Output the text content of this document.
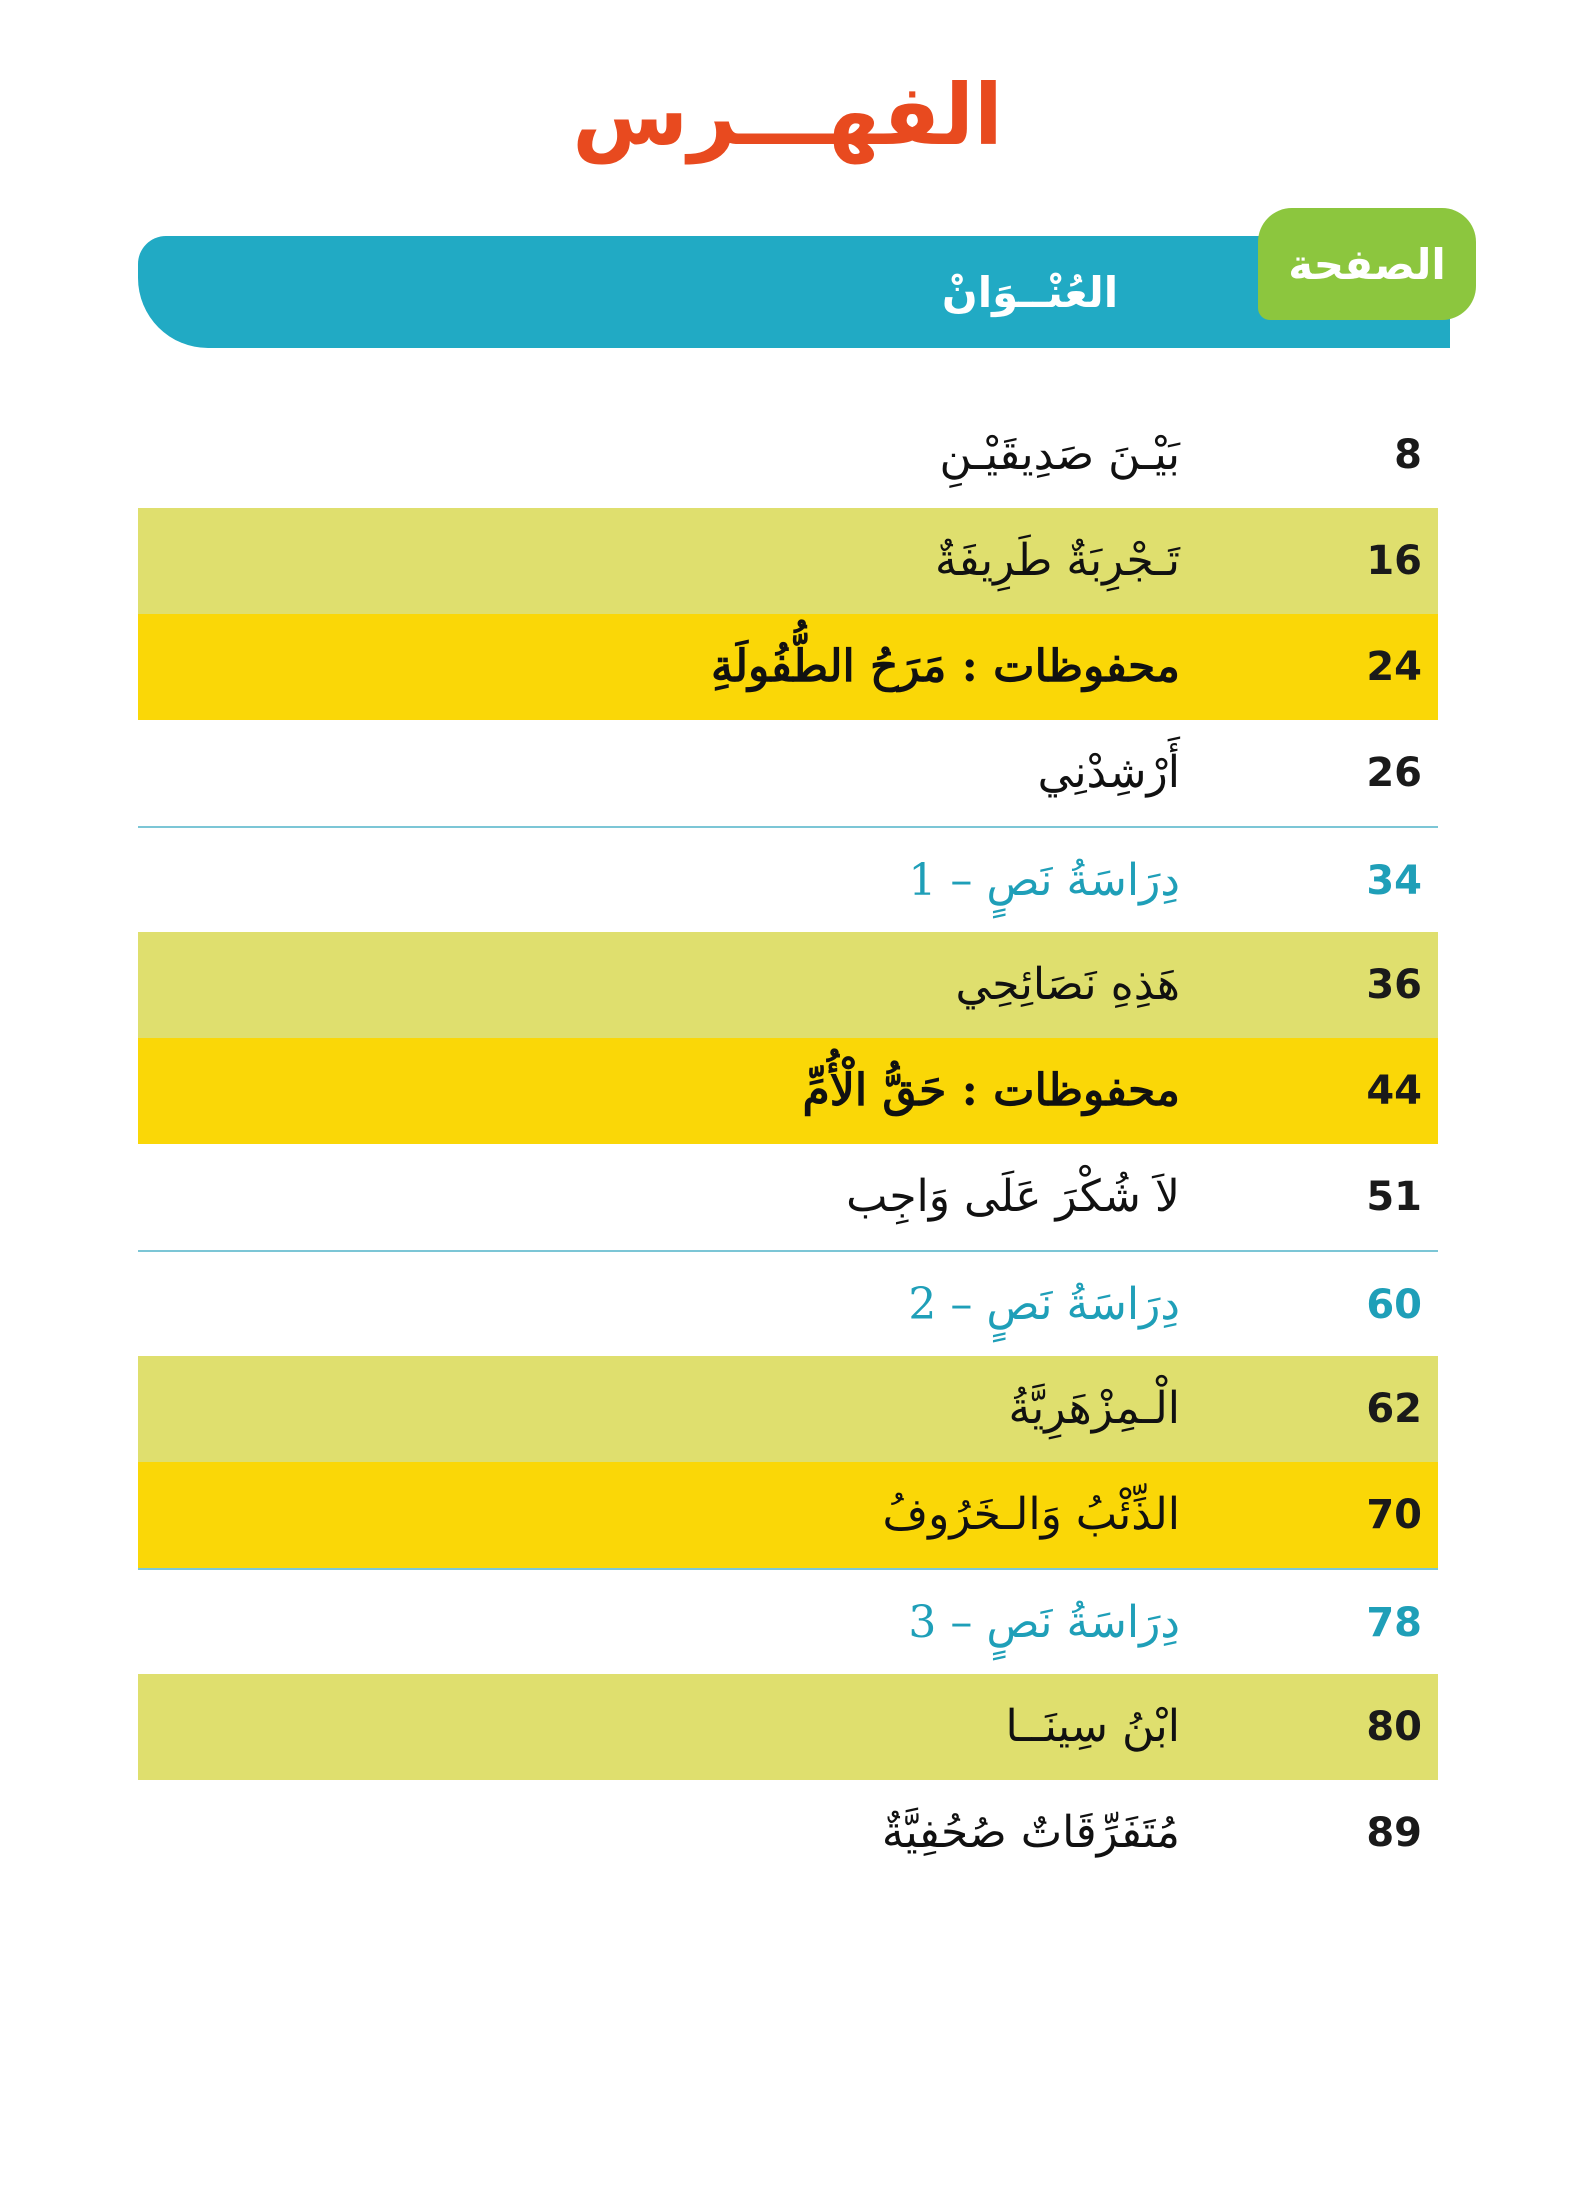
الفهـــرس
العُنْــوَانْ
الصفحة
8
بَيْـنَ صَدِيقَيْـنِ
16
تَـجْرِبَةٌ طَرِيفَةٌ
24
محفوظات : مَرَحُ الطُّفُولَةِ
26
أَرْشِدْنِي
34
دِرَاسَةُ نَصٍ – 1
36
هَذِهِ نَصَائِحِي
44
محفوظات : حَقُّ الْأُمِّ
51
لاَ شُكْرَ عَلَى وَاجِب
60
دِرَاسَةُ نَصٍ – 2
62
الْـمِزْهَرِيَّةُ
70
الذِّئْبُ وَالـخَرُوفُ
78
دِرَاسَةُ نَصٍ – 3
80
ابْنُ سِينَــا
89
مُتَفَرِّقَاتٌ صُحُفِيَّةٌ
